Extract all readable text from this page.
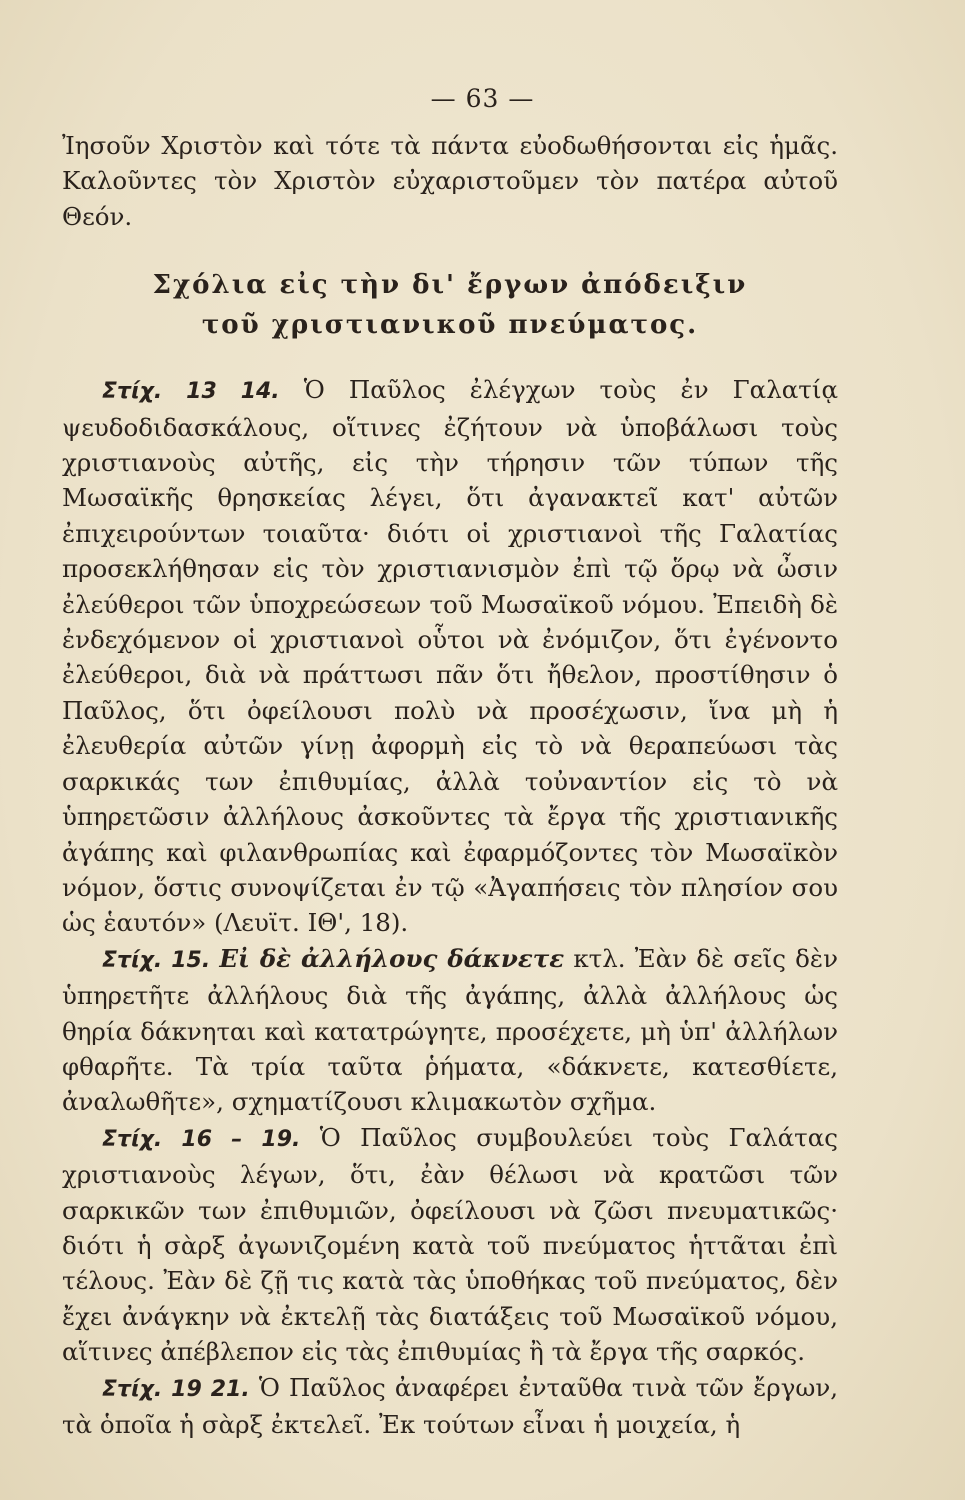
— 63 —

Ἰησοῦν Χριστὸν καὶ τότε τὰ πάντα εὐοδωθήσονται εἰς ἡμᾶς. Καλοῦντες τὸν Χριστὸν εὐχαριστοῦμεν τὸν πατέρα αὐτοῦ Θεόν.

Σχόλια εἰς τὴν δι' ἔργων ἀπόδειξιν
τοῦ χριστιανικοῦ πνεύματος.

Στίχ. 13 14. Ὁ Παῦλος ἐλέγχων τοὺς ἐν Γαλατίᾳ ψευδοδιδασκάλους, οἵτινες ἐζήτουν νὰ ὑποβάλωσι τοὺς χριστιανοὺς αὐτῆς, εἰς τὴν τήρησιν τῶν τύπων τῆς Μωσαϊκῆς θρησκείας λέγει, ὅτι ἀγανακτεῖ κατ' αὐτῶν ἐπιχειρούντων τοιαῦτα· διότι οἱ χριστιανοὶ τῆς Γαλατίας προσεκλήθησαν εἰς τὸν χριστιανισμὸν ἐπὶ τῷ ὅρῳ νὰ ὦσιν ἐλεύθεροι τῶν ὑποχρεώσεων τοῦ Μωσαϊκοῦ νόμου. Ἐπειδὴ δὲ ἐνδεχόμενον οἱ χριστιανοὶ οὗτοι νὰ ἐνόμιζον, ὅτι ἐγένοντο ἐλεύθεροι, διὰ νὰ πράττωσι πᾶν ὅτι ἤθελον, προστίθησιν ὁ Παῦλος, ὅτι ὀφείλουσι πολὺ νὰ προσέχωσιν, ἵνα μὴ ἡ ἐλευθερία αὐτῶν γίνῃ ἀφορμὴ εἰς τὸ νὰ θεραπεύωσι τὰς σαρκικάς των ἐπιθυμίας, ἀλλὰ τοὐναντίον εἰς τὸ νὰ ὑπηρετῶσιν ἀλλήλους ἀσκοῦντες τὰ ἔργα τῆς χριστιανικῆς ἀγάπης καὶ φιλανθρωπίας καὶ ἐφαρμόζοντες τὸν Μωσαϊκὸν νόμον, ὅστις συνοψίζεται ἐν τῷ «Ἀγαπήσεις τὸν πλησίον σου ὡς ἑαυτόν» (Λευϊτ. ΙΘ', 18).

Στίχ. 15. Εἰ δὲ ἀλλήλους δάκνετε κτλ. Ἐὰν δὲ σεῖς δὲν ὑπηρετῆτε ἀλλήλους διὰ τῆς ἀγάπης, ἀλλὰ ἀλλήλους ὡς θηρία δάκνηται καὶ κατατρώγητε, προσέχετε, μὴ ὑπ' ἀλλήλων φθαρῆτε. Τὰ τρία ταῦτα ῥήματα, «δάκνετε, κατεσθίετε, ἀναλωθῆτε», σχηματίζουσι κλιμακωτὸν σχῆμα.

Στίχ. 16 – 19. Ὁ Παῦλος συμβουλεύει τοὺς Γαλάτας χριστιανοὺς λέγων, ὅτι, ἐὰν θέλωσι νὰ κρατῶσι τῶν σαρκικῶν των ἐπιθυμιῶν, ὀφείλουσι νὰ ζῶσι πνευματικῶς· διότι ἡ σὰρξ ἀγωνιζομένη κατὰ τοῦ πνεύματος ἡττᾶται ἐπὶ τέλους. Ἐὰν δὲ ζῇ τις κατὰ τὰς ὑποθήκας τοῦ πνεύματος, δὲν ἔχει ἀνάγκην νὰ ἐκτελῇ τὰς διατάξεις τοῦ Μωσαϊκοῦ νόμου, αἵτινες ἀπέβλεπον εἰς τὰς ἐπιθυμίας ἢ τὰ ἔργα τῆς σαρκός.

Στίχ. 19 21. Ὁ Παῦλος ἀναφέρει ἐνταῦθα τινὰ τῶν ἔργων, τὰ ὁποῖα ἡ σὰρξ ἐκτελεῖ. Ἐκ τούτων εἶναι ἡ μοιχεία, ἡ
